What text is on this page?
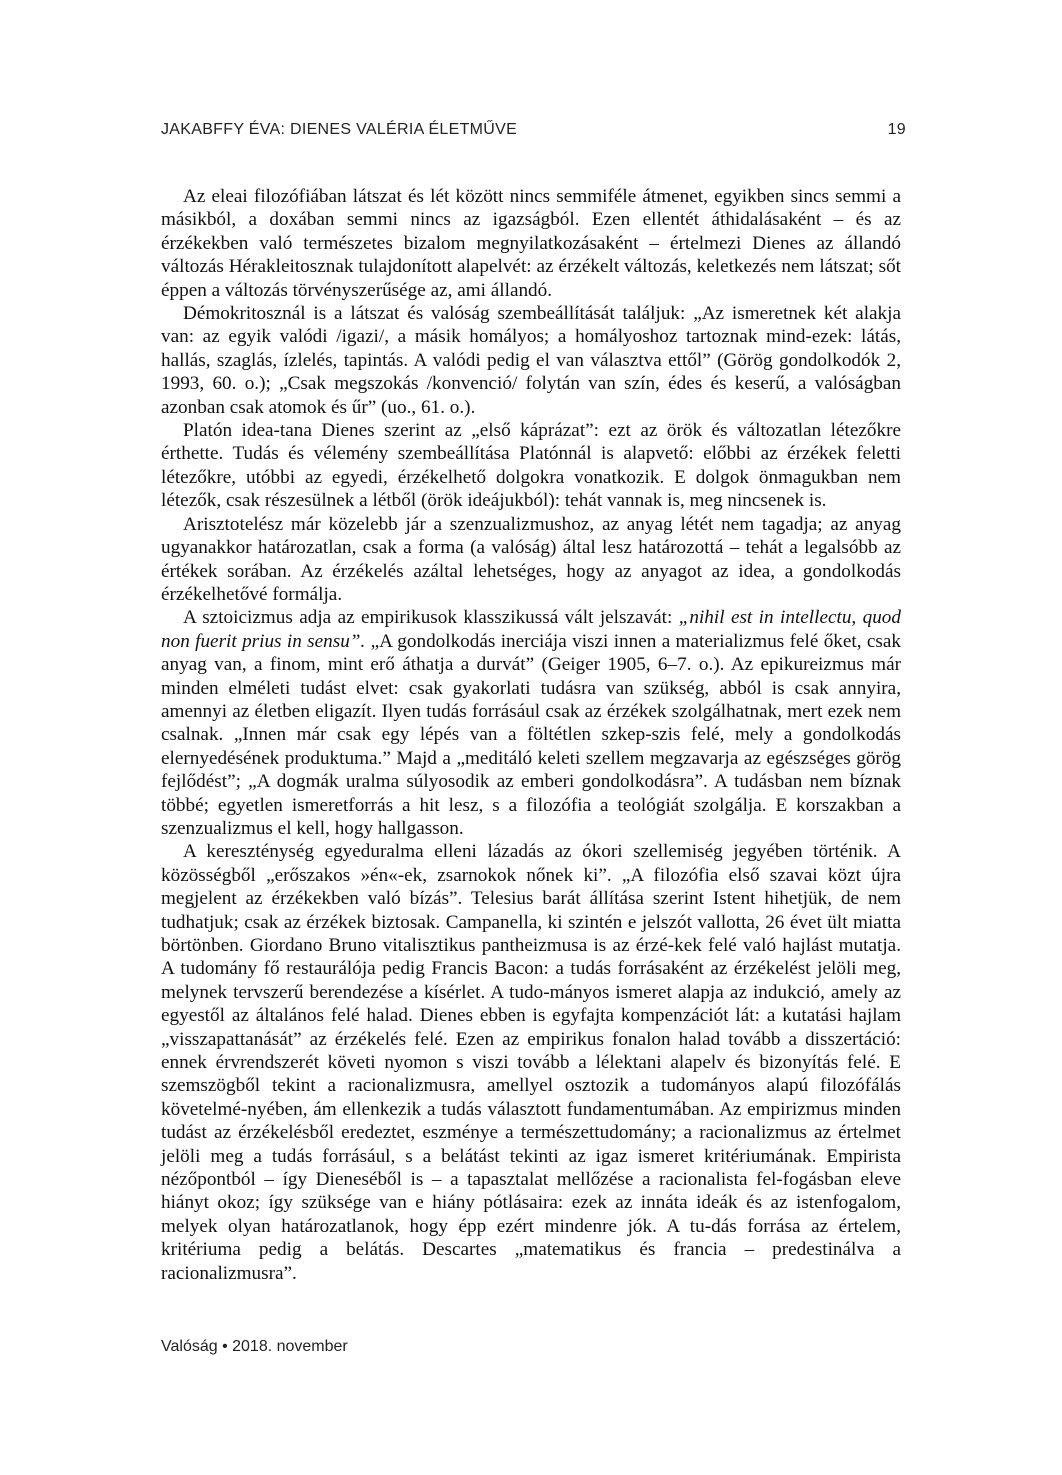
JAKABFFY ÉVA: DIENES VALÉRIA ÉLETMŰVE	19

Az eleai filozófiában látszat és lét között nincs semmiféle átmenet, egyikben sincs semmi a másikból, a doxában semmi nincs az igazságból. Ezen ellentét áthidalásaként – és az érzékekben való természetes bizalom megnyilatkozásaként – értelmezi Dienes az állandó változás Hérakleitosznak tulajdonított alapelvét: az érzékelt változás, keletkezés nem látszat; sőt éppen a változás törvényszerűsége az, ami állandó.

Démokritosznál is a látszat és valóság szembeállítását találjuk: „Az ismeretnek két alakja van: az egyik valódi /igazi/, a másik homályos; a homályoshoz tartoznak mind-ezek: látás, hallás, szaglás, ízlelés, tapintás. A valódi pedig el van választva ettől” (Görög gondolkodók 2, 1993, 60. o.); „Csak megszokás /konvenció/ folytán van szín, édes és keserű, a valóságban azonban csak atomok és űr” (uo., 61. o.).

Platón idea-tana Dienes szerint az „első káprázat”: ezt az örök és változatlan létezőkre érthette. Tudás és vélemény szembeállítása Platónnál is alapvető: előbbi az érzékek feletti létezőkre, utóbbi az egyedi, érzékelhető dolgokra vonatkozik. E dolgok önmagukban nem létezők, csak részesülnek a létből (örök ideájukból): tehát vannak is, meg nincsenek is.

Arisztotelész már közelebb jár a szenzualizmushoz, az anyag létét nem tagadja; az anyag ugyanakkor határozatlan, csak a forma (a valóság) által lesz határozottá – tehát a legalsóbb az értékek sorában. Az érzékelés azáltal lehetséges, hogy az anyagot az idea, a gondolkodás érzékelhetővé formálja.

A sztoicizmus adja az empirikusok klasszikussá vált jelszavát: „nihil est in intellectu, quod non fuerit prius in sensu”. „A gondolkodás inerciája viszi innen a materializmus felé őket, csak anyag van, a finom, mint erő áthatja a durvát” (Geiger 1905, 6–7. o.). Az epikureizmus már minden elméleti tudást elvet: csak gyakorlati tudásra van szükség, abból is csak annyira, amennyi az életben eligazít. Ilyen tudás forrásául csak az érzékek szolgálhatnak, mert ezek nem csalnak. „Innen már csak egy lépés van a föltétlen szkep-szis felé, mely a gondolkodás elernyedésének produktuma.” Majd a „meditáló keleti szellem megzavarja az egészséges görög fejlődést”; „A dogmák uralma súlyosodik az emberi gondolkodásra”. A tudásban nem bíznak többé; egyetlen ismeretforrás a hit lesz, s a filozófia a teológiát szolgálja. E korszakban a szenzualizmus el kell, hogy hallgasson.

A kereszténység egyeduralma elleni lázadás az ókori szellemiség jegyében történik. A közösségből „erőszakos »én«-ek, zsarnokok nőnek ki”. „A filozófia első szavai közt újra megjelent az érzékekben való bízás”. Telesius barát állítása szerint Istent hihetjük, de nem tudhatjuk; csak az érzékek biztosak. Campanella, ki szintén e jelszót vallotta, 26 évet ült miatta börtönben. Giordano Bruno vitalisztikus pantheizmusa is az érzé-kek felé való hajlást mutatja. A tudomány fő restaurálója pedig Francis Bacon: a tudás forrásaként az érzékelést jelöli meg, melynek tervszerű berendezése a kísérlet. A tudo-mányos ismeret alapja az indukció, amely az egyestől az általános felé halad. Dienes ebben is egyfajta kompenzációt lát: a kutatási hajlam „visszapattanását” az érzékelés felé. Ezen az empirikus fonalon halad tovább a disszertáció: ennek érvrendszerét követi nyomon s viszi tovább a lélektani alapelv és bizonyítás felé. E szemszögből tekint a racionalizmusra, amellyel osztozik a tudományos alapú filozófálás követelmé-nyében, ám ellenkezik a tudás választott fundamentumában. Az empirizmus minden tudást az érzékelésből eredeztet, eszménye a természettudomány; a racionalizmus az értelmet jelöli meg a tudás forrásául, s a belátást tekinti az igaz ismeret kritériumának. Empirista nézőpontból – így Dieneséből is – a tapasztalat mellőzése a racionalista fel-fogásban eleve hiányt okoz; így szüksége van e hiány pótlásaira: ezek az innáta ideák és az istenfogalom, melyek olyan határozatlanok, hogy épp ezért mindenre jók. A tu-dás forrása az értelem, kritériuma pedig a belátás. Descartes „matematikus és francia – predestinálva a racionalizmusra”.

Valóság • 2018. november
